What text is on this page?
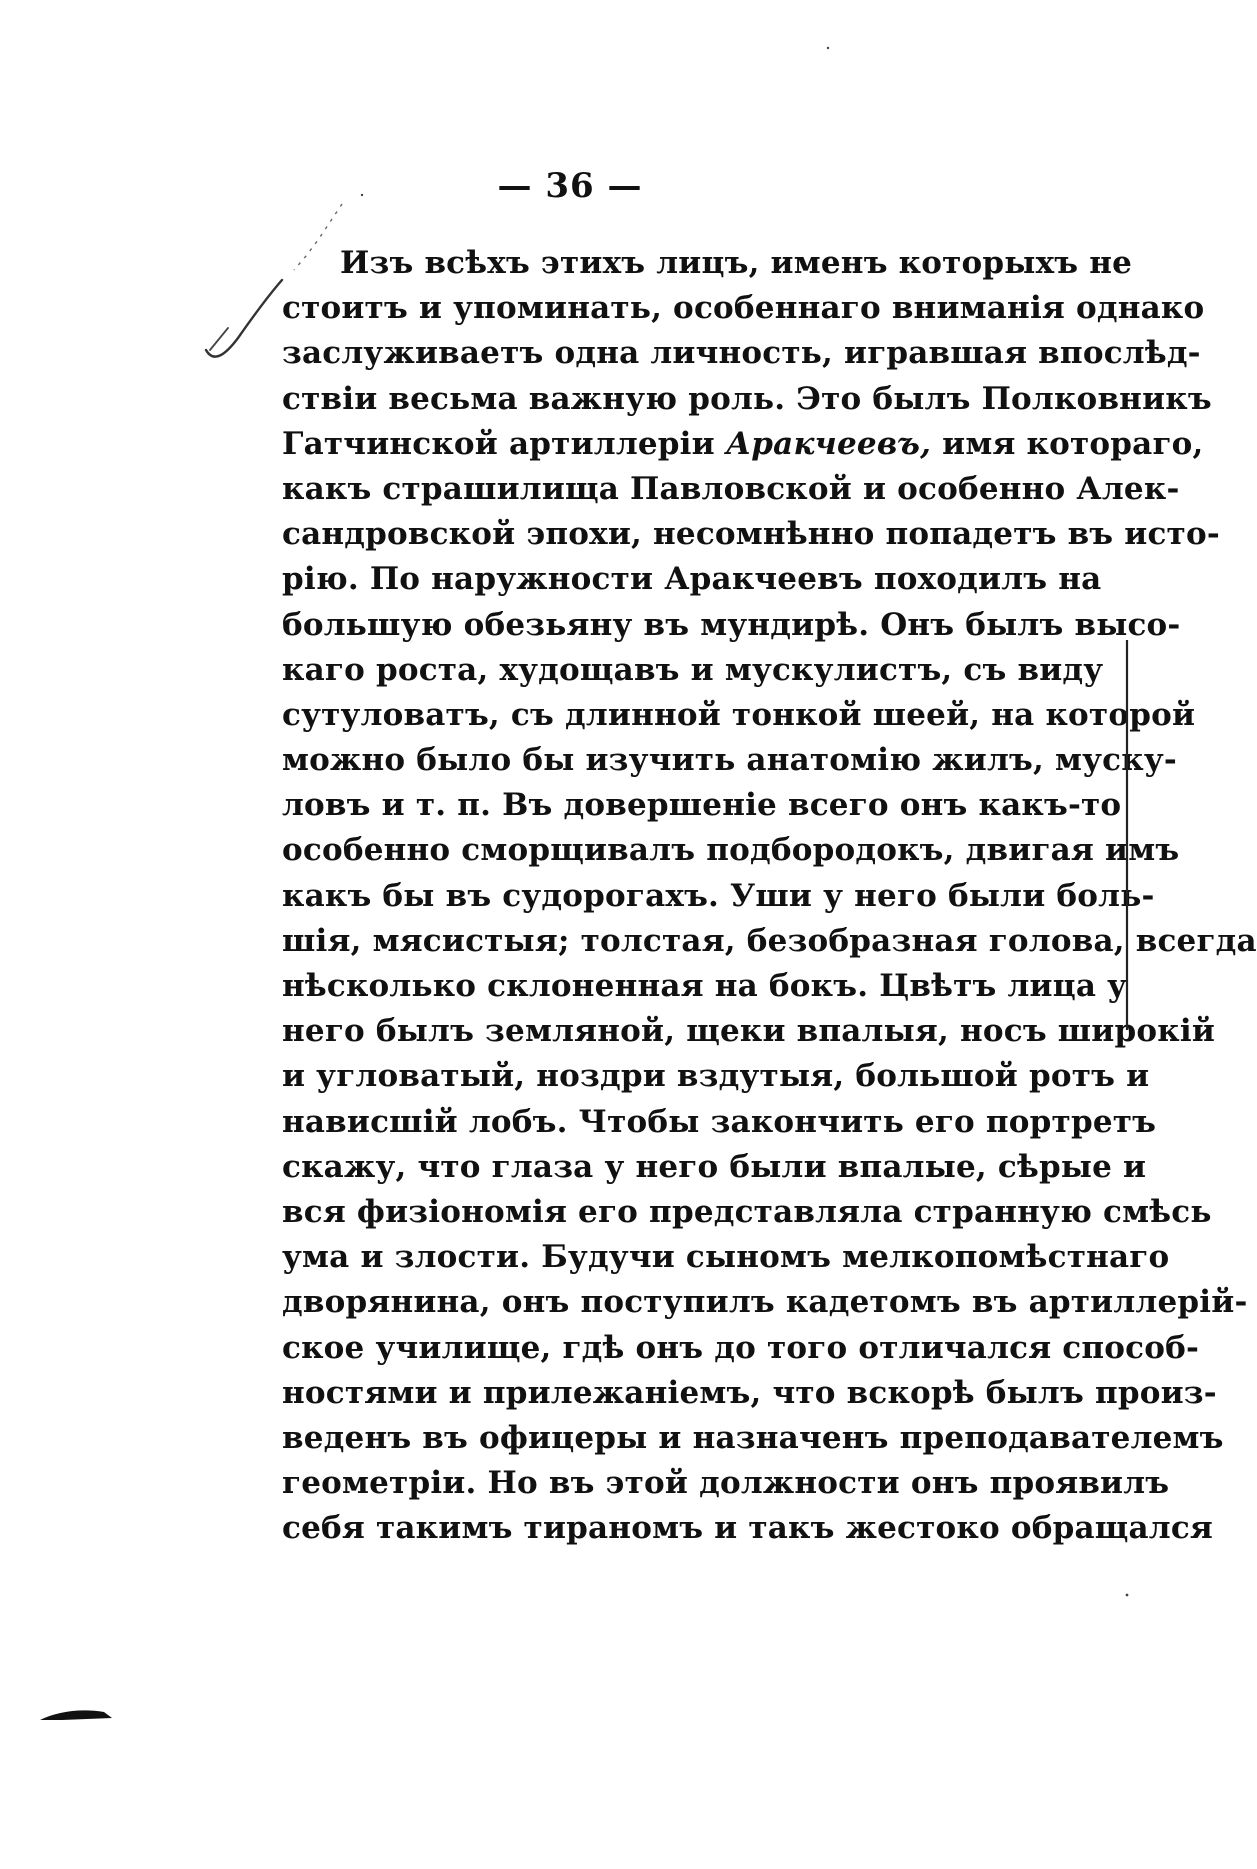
— 36 —
Изъ всѣхъ этихъ лицъ, именъ которыхъ не
стоитъ и упоминать, особеннаго вниманія однако
заслуживаетъ одна личность, игравшая впослѣд-
ствіи весьма важную роль. Это былъ Полковникъ
Гатчинской артиллеріи Аракчеевъ, имя котораго,
какъ страшилища Павловской и особенно Алек-
сандровской эпохи, несомнѣнно попадетъ въ исто-
рію. По наружности Аракчеевъ походилъ на
большую обезьяну въ мундирѣ. Онъ былъ высо-
каго роста, худощавъ и мускулистъ, съ виду
сутуловатъ, съ длинной тонкой шеей, на которой
можно было бы изучить анатомію жилъ, муску-
ловъ и т. п. Въ довершеніе всего онъ какъ-то
особенно сморщивалъ подбородокъ, двигая имъ
какъ бы въ судорогахъ. Уши у него были боль-
шія, мясистыя; толстая, безобразная голова, всегда
нѣсколько склоненная на бокъ. Цвѣтъ лица у
него былъ земляной, щеки впалыя, носъ широкій
и угловатый, ноздри вздутыя, большой ротъ и
нависшій лобъ. Чтобы закончить его портретъ
скажу, что глаза у него были впалые, сѣрые и
вся физіономія его представляла странную смѣсь
ума и злости. Будучи сыномъ мелкопомѣстнаго
дворянина, онъ поступилъ кадетомъ въ артиллерій-
ское училище, гдѣ онъ до того отличался способ-
ностями и прилежаніемъ, что вскорѣ былъ произ-
веденъ въ офицеры и назначенъ преподавателемъ
геометріи. Но въ этой должности онъ проявилъ
себя такимъ тираномъ и такъ жестоко обращался
